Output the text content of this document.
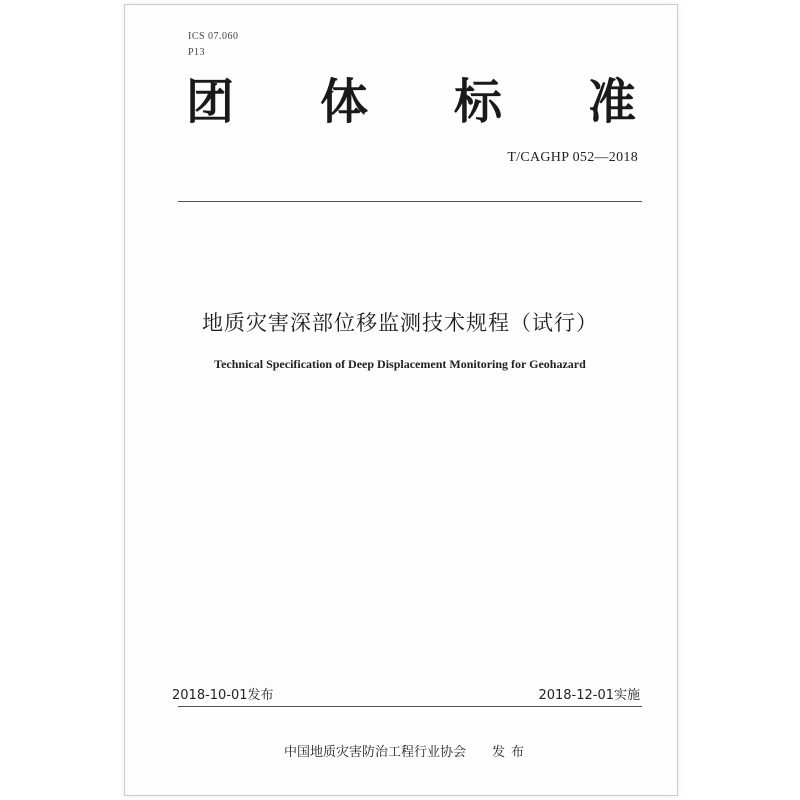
ICS 07.060
P13
团 体 标 准
T/CAGHP 052—2018
地质灾害深部位移监测技术规程（试行）
Technical Specification of Deep Displacement Monitoring for Geohazard
2018-10-01发布	2018-12-01实施
中国地质灾害防治工程行业协会 发布
